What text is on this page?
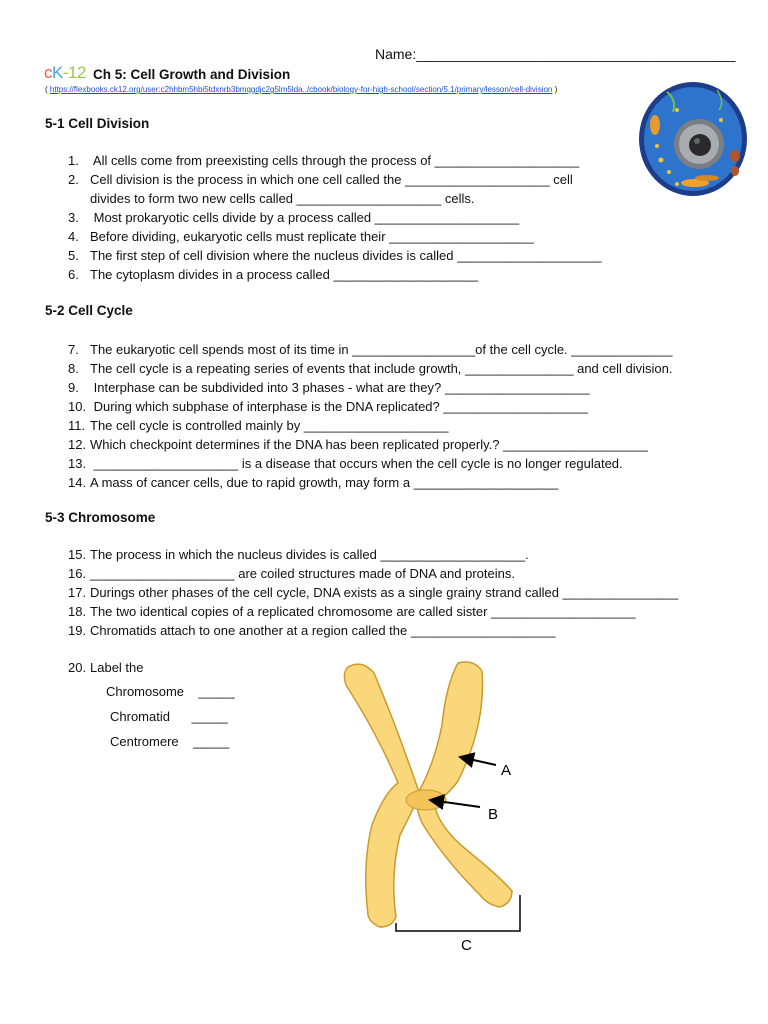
Name:_________________________________________
cK-12 Ch 5: Cell Growth and Division
( https://flexbooks.ck12.org/user:c2hhbm5hbi5tdxnrb3bmqgdjc2g5lm5lda../cbook/biology-for-high-school/section/5.1/primary/lesson/cell-division )
5-1 Cell Division
1. All cells come from preexisting cells through the process of ____________________
2. Cell division is the process in which one cell called the ____________________ cell
divides to form two new cells called ____________________ cells.
3. Most prokaryotic cells divide by a process called ____________________
4. Before dividing, eukaryotic cells must replicate their ____________________
5. The first step of cell division where the nucleus divides is called ____________________
6. The cytoplasm divides in a process called ____________________
5-2 Cell Cycle
7. The eukaryotic cell spends most of its time in _________________of the cell cycle. ______________
8. The cell cycle is a repeating series of events that include growth, _______________ and cell division.
9. Interphase can be subdivided into 3 phases - what are they? ____________________
10. During which subphase of interphase is the DNA replicated? ____________________
11. The cell cycle is controlled mainly by ____________________
12. Which checkpoint determines if the DNA has been replicated properly.? ____________________
13. ____________________ is a disease that occurs when the cell cycle is no longer regulated.
14. A mass of cancer cells, due to rapid growth, may form a ____________________
5-3 Chromosome
15. The process in which the nucleus divides is called ____________________.
16. ____________________ are coiled structures made of DNA and proteins.
17. Durings other phases of the cell cycle, DNA exists as a single grainy strand called ________________
18. The two identical copies of a replicated chromosome are called sister ____________________
19. Chromatids attach to one another at a region called the ____________________
20. Label the
Chromosome _____
Chromatid _____
Centromere _____
A
B
C
